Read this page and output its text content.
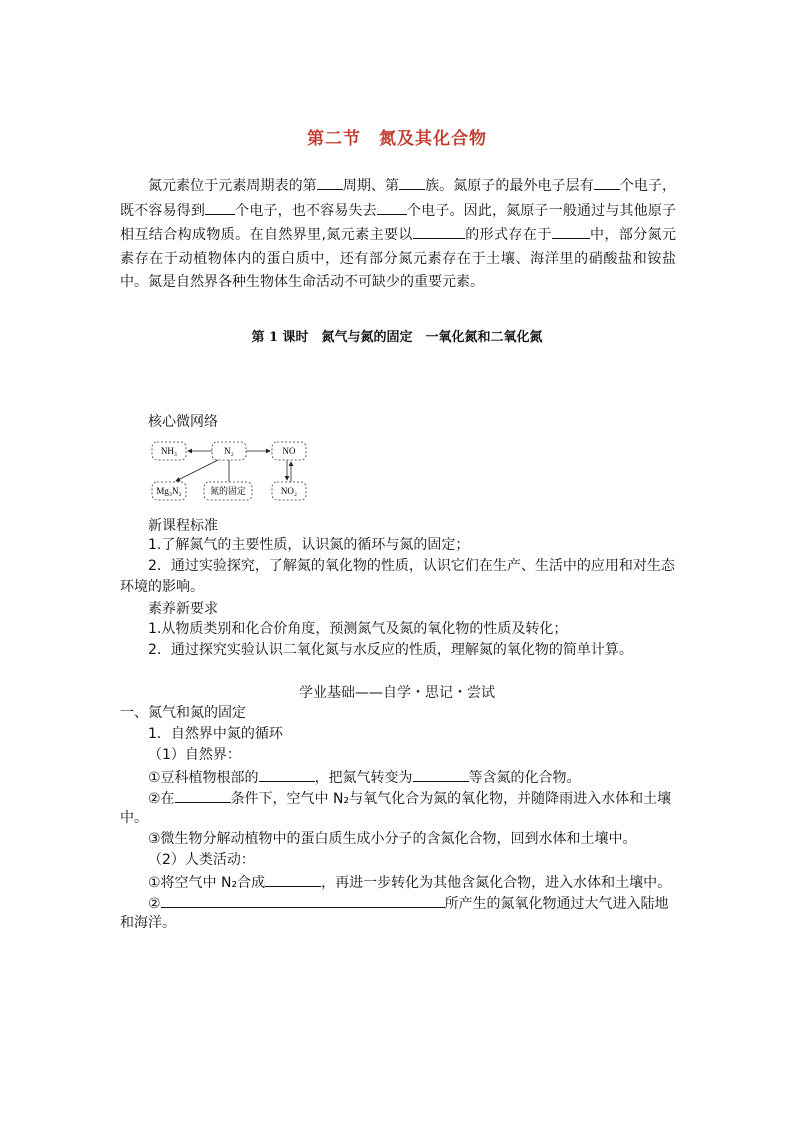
第二节　氮及其化合物
氮元素位于元素周期表的第 周期、第 族。氮原子的最外电子层有 个电子，既不容易得到 个电子，也不容易失去 个电子。因此，氮原子一般通过与其他原子相互结合构成物质。在自然界里,氮元素主要以	的形式存在于	中，部分氮元素存在于动植物体内的蛋白质中，还有部分氮元素存在于土壤、海洋里的硝酸盐和铵盐中。氮是自然界各种生物体生命活动不可缺少的重要元素。
第 1 课时　氮气与氮的固定　一氧化氮和二氧化氮
核心微网络
NH₃	N₂	NO
Mg₃N₂	氮的固定	NO₂
新课程标准
1.了解氮气的主要性质，认识氮的循环与氮的固定；
2．通过实验探究，了解氮的氧化物的性质，认识它们在生产、生活中的应用和对生态
环境的影响。
素养新要求
1.从物质类别和化合价角度，预测氮气及氮的氧化物的性质及转化；
2．通过探究实验认识二氧化氮与水反应的性质，理解氮的氧化物的简单计算。
学业基础——自学・思记・尝试
一、氮气和氮的固定
1．自然界中氮的循环
（1）自然界：
①豆科植物根部的	，把氮气转变为	等含氮的化合物。
②在	条件下，空气中 N₂与氧气化合为氮的氧化物，并随降雨进入水体和土壤
中。
③微生物分解动植物中的蛋白质生成小分子的含氮化合物，回到水体和土壤中。
（2）人类活动：
①将空气中 N₂合成	，再进一步转化为其他含氮化合物，进入水体和土壤中。
②	所产生的氮氧化物通过大气进入陆地
和海洋。
